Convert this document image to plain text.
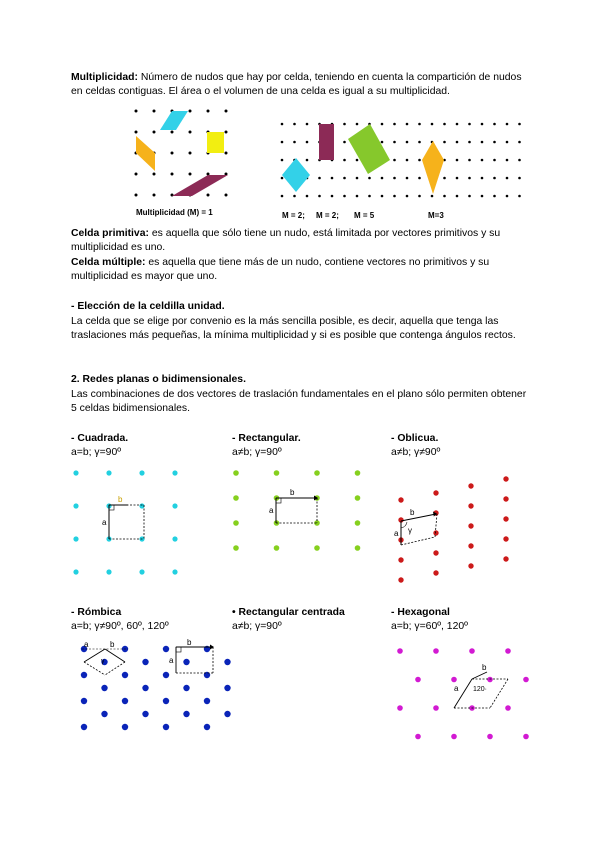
Multiplicidad: Número de nudos que hay por celda, teniendo en cuenta la compartición de nudos en celdas contiguas. El área o el volumen de una celda es igual a su multiplicidad.

Multiplicidad (M) = 1	M = 2; M = 2; M = 5	M=3

Celda primitiva: es aquella que sólo tiene un nudo, está limitada por vectores primitivos y su multiplicidad es uno.

Celda múltiple: es aquella que tiene más de un nudo, contiene vectores no primitivos y su multiplicidad es mayor que uno.

- Elección de la celdilla unidad.

La celda que se elige por convenio es la más sencilla posible, es decir, aquella que tenga las traslaciones más pequeñas, la mínima multiplicidad y si es posible que contenga ángulos rectos.

2. Redes planas o bidimensionales.

Las combinaciones de dos vectores de traslación fundamentales en el plano sólo permiten obtener 5 celdas bidimensionales.

- Cuadrada.
a=b; γ=90º
- Rectangular.
a≠b; γ=90º
- Oblicua.
a≠b; γ≠90º
- Rómbica
a=b; γ≠90º, 60º, 120º
• Rectangular centrada
a≠b; γ=90º
- Hexagonal
a=b; γ=60º, 120º
b
a
b
a	b
a γ
a	b
γ
b
a
a
b
120·
